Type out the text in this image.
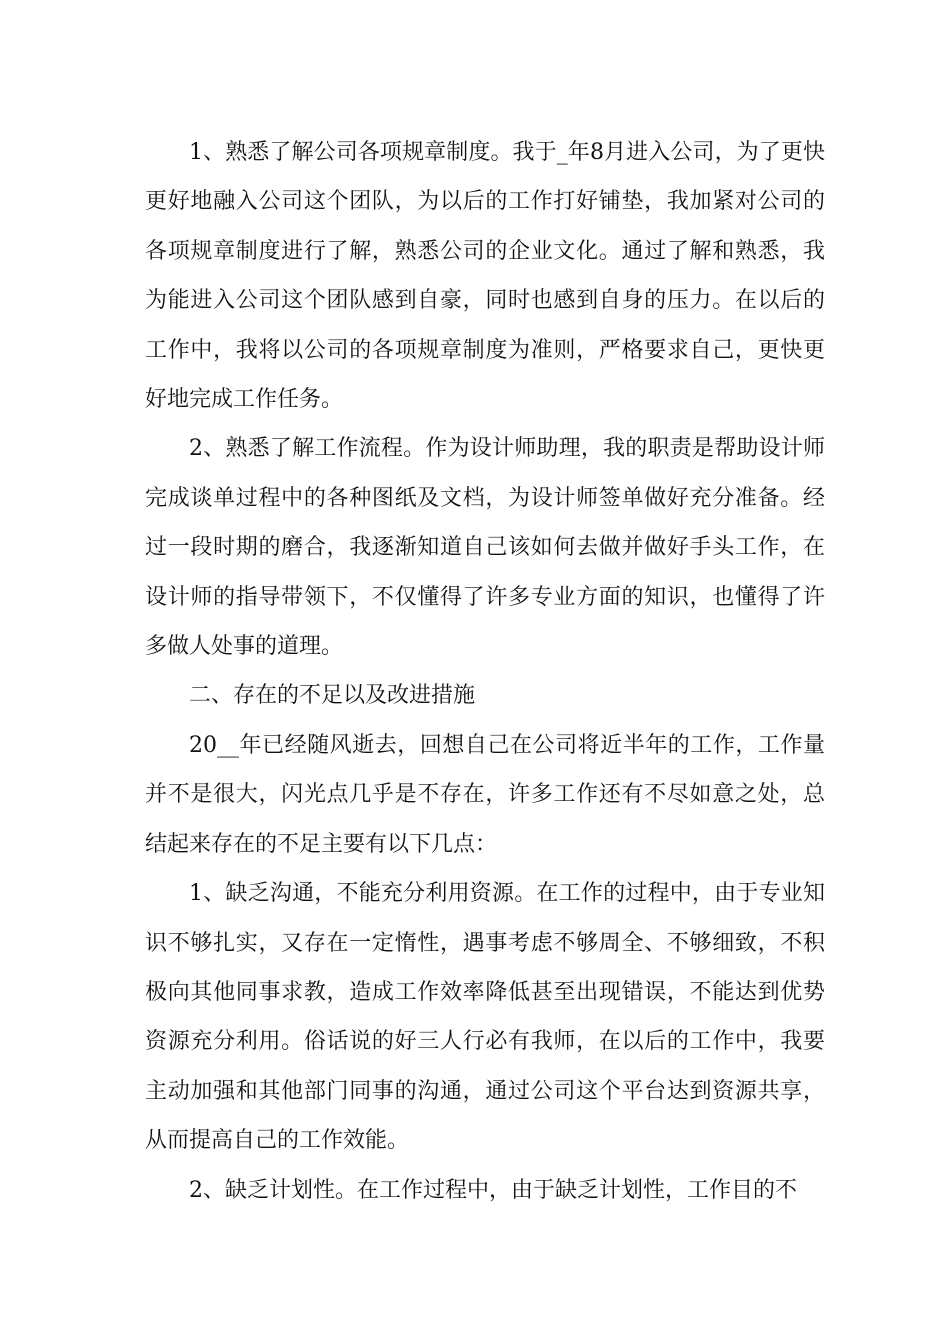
1、熟悉了解公司各项规章制度。我于_年8月进入公司，为了更快更好地融入公司这个团队，为以后的工作打好铺垫，我加紧对公司的各项规章制度进行了解，熟悉公司的企业文化。通过了解和熟悉，我为能进入公司这个团队感到自豪，同时也感到自身的压力。在以后的工作中，我将以公司的各项规章制度为准则，严格要求自己，更快更好地完成工作任务。

2、熟悉了解工作流程。作为设计师助理，我的职责是帮助设计师完成谈单过程中的各种图纸及文档，为设计师签单做好充分准备。经过一段时期的磨合，我逐渐知道自己该如何去做并做好手头工作，在设计师的指导带领下，不仅懂得了许多专业方面的知识，也懂得了许多做人处事的道理。

二、存在的不足以及改进措施

20__年已经随风逝去，回想自己在公司将近半年的工作，工作量并不是很大，闪光点几乎是不存在，许多工作还有不尽如意之处，总结起来存在的不足主要有以下几点：

1、缺乏沟通，不能充分利用资源。在工作的过程中，由于专业知识不够扎实，又存在一定惰性，遇事考虑不够周全、不够细致，不积极向其他同事求教，造成工作效率降低甚至出现错误，不能达到优势资源充分利用。俗话说的好三人行必有我师，在以后的工作中，我要主动加强和其他部门同事的沟通，通过公司这个平台达到资源共享，从而提高自己的工作效能。

2、缺乏计划性。在工作过程中，由于缺乏计划性，工作目的不
